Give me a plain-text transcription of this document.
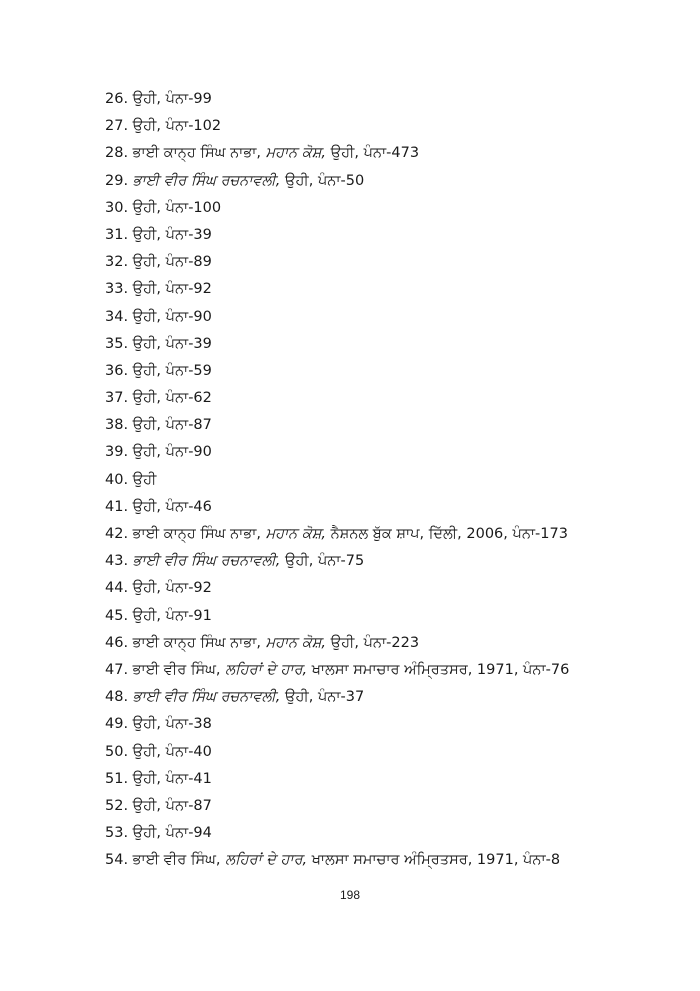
26. ਉਹੀ, ਪੰਨਾ-99
27. ਉਹੀ, ਪੰਨਾ-102
28. ਭਾਈ ਕਾਨ੍ਹ ਸਿੰਘ ਨਾਭਾ, ਮਹਾਨ ਕੋਸ਼, ਉਹੀ, ਪੰਨਾ-473
29. ਭਾਈ ਵੀਰ ਸਿੰਘ ਰਚਨਾਵਲੀ, ਉਹੀ, ਪੰਨਾ-50
30. ਉਹੀ, ਪੰਨਾ-100
31. ਉਹੀ, ਪੰਨਾ-39
32. ਉਹੀ, ਪੰਨਾ-89
33. ਉਹੀ, ਪੰਨਾ-92
34. ਉਹੀ, ਪੰਨਾ-90
35. ਉਹੀ, ਪੰਨਾ-39
36. ਉਹੀ, ਪੰਨਾ-59
37. ਉਹੀ, ਪੰਨਾ-62
38. ਉਹੀ, ਪੰਨਾ-87
39. ਉਹੀ, ਪੰਨਾ-90
40. ਉਹੀ
41. ਉਹੀ, ਪੰਨਾ-46
42. ਭਾਈ ਕਾਨ੍ਹ ਸਿੰਘ ਨਾਭਾ, ਮਹਾਨ ਕੋਸ਼, ਨੈਸ਼ਨਲ ਬੁੱਕ ਸ਼ਾਪ, ਦਿੱਲੀ, 2006, ਪੰਨਾ-173
43. ਭਾਈ ਵੀਰ ਸਿੰਘ ਰਚਨਾਵਲੀ, ਉਹੀ, ਪੰਨਾ-75
44. ਉਹੀ, ਪੰਨਾ-92
45. ਉਹੀ, ਪੰਨਾ-91
46. ਭਾਈ ਕਾਨ੍ਹ ਸਿੰਘ ਨਾਭਾ, ਮਹਾਨ ਕੋਸ਼, ਉਹੀ, ਪੰਨਾ-223
47. ਭਾਈ ਵੀਰ ਸਿੰਘ, ਲਹਿਰਾਂ ਦੇ ਹਾਰ, ਖਾਲਸਾ ਸਮਾਚਾਰ ਅੰਮ੍ਰਿਤਸਰ, 1971, ਪੰਨਾ-76
48. ਭਾਈ ਵੀਰ ਸਿੰਘ ਰਚਨਾਵਲੀ, ਉਹੀ, ਪੰਨਾ-37
49. ਉਹੀ, ਪੰਨਾ-38
50. ਉਹੀ, ਪੰਨਾ-40
51. ਉਹੀ, ਪੰਨਾ-41
52. ਉਹੀ, ਪੰਨਾ-87
53. ਉਹੀ, ਪੰਨਾ-94
54. ਭਾਈ ਵੀਰ ਸਿੰਘ, ਲਹਿਰਾਂ ਦੇ ਹਾਰ, ਖਾਲਸਾ ਸਮਾਚਾਰ ਅੰਮ੍ਰਿਤਸਰ, 1971, ਪੰਨਾ-8
198
